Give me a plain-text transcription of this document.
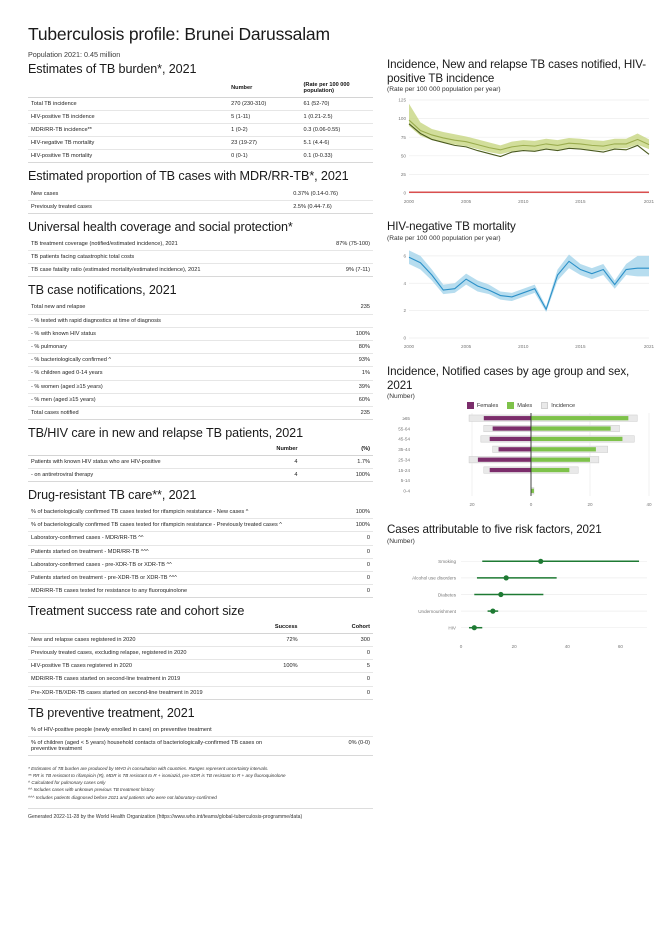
Tuberculosis profile: Brunei Darussalam
Population 2021: 0.45 million
Estimates of TB burden*, 2021
	Number	(Rate per 100 000 population)
Total TB incidence	270 (230-310)	61 (52-70)
HIV-positive TB incidence	5 (1-11)	1 (0.21-2.5)
MDR/RR-TB incidence**	1 (0-2)	0.3 (0.06-0.55)
HIV-negative TB mortality	23 (19-27)	5.1 (4.4-6)
HIV-positive TB mortality	0 (0-1)	0.1 (0-0.33)
Estimated proportion of TB cases with MDR/RR-TB*, 2021
New cases	0.37% (0.14-0.76)
Previously treated cases	2.5% (0.44-7.6)
Universal health coverage and social protection*
TB treatment coverage (notified/estimated incidence), 2021	87% (75-100)
TB patients facing catastrophic total costs	
TB case fatality ratio (estimated mortality/estimated incidence), 2021	9% (7-11)
TB case notifications, 2021
Total new and relapse	235
- % tested with rapid diagnostics at time of diagnosis	
- % with known HIV status	100%
- % pulmonary	80%
- % bacteriologically confirmed ^	93%
- % children aged 0-14 years	1%
- % women (aged ≥15 years)	39%
- % men (aged ≥15 years)	60%
Total cases notified	235
TB/HIV care in new and relapse TB patients, 2021
	Number	(%)
Patients with known HIV status who are HIV-positive	4	1.7%
- on antiretroviral therapy	4	100%
Drug-resistant TB care**, 2021
% of bacteriologically confirmed TB cases tested for rifampicin resistance - New cases ^	100%
% of bacteriologically confirmed TB cases tested for rifampicin resistance - Previously treated cases ^	100%
Laboratory-confirmed cases - MDR/RR-TB ^^	0
Patients started on treatment - MDR/RR-TB ^^^	0
Laboratory-confirmed cases - pre-XDR-TB or XDR-TB ^^	0
Patients started on treatment - pre-XDR-TB or XDR-TB ^^^	0
MDR/RR-TB cases tested for resistance to any fluoroquinolone	0
Treatment success rate and cohort size
	Success	Cohort
New and relapse cases registered in 2020	72%	300
Previously treated cases, excluding relapse, registered in 2020		0
HIV-positive TB cases registered in 2020	100%	5
MDR/RR-TB cases started on second-line treatment in 2019		0
Pre-XDR-TB/XDR-TB cases started on second-line treatment in 2019		0
TB preventive treatment, 2021
% of HIV-positive people (newly enrolled in care) on preventive treatment	
% of children (aged < 5 years) household contacts of bacteriologically-confirmed TB cases on preventive treatment	0% (0-0)
* Estimates of TB burden are produced by WHO in consultation with countries. Ranges represent uncertainty intervals.
** RR is TB resistant to rifampicin (R), MDR is TB resistant to R + isoniazid, pre-XDR is TB resistant to R + any fluoroquinolone
^ Calculated for pulmonary cases only
^^ Includes cases with unknown previous TB treatment history
^^^ Includes patients diagnosed before 2021 and patients who were not laboratory-confirmed
Generated 2022-11-28 by the World Health Organization (https://www.who.int/teams/global-tuberculosis-programme/data)
Incidence, New and relapse TB cases notified, HIV-positive TB incidence
(Rate per 100 000 population per year)
0
25
50
75
100
125
2000	2005	2010	2015	2021
HIV-negative TB mortality
(Rate per 100 000 population per year)
0
2
4
6
2000	2005	2010	2015	2021
Incidence, Notified cases by age group and sex, 2021
(Number)
Females	Males	Incidence
20	0	20	40
≥65
55-64
45-54
35-44
25-34
15-24
5-14
0-4
Cases attributable to five risk factors, 2021
(Number)
0	20	40	60
Smoking
Alcohol use disorders
Diabetes
Undernourishment
HIV
